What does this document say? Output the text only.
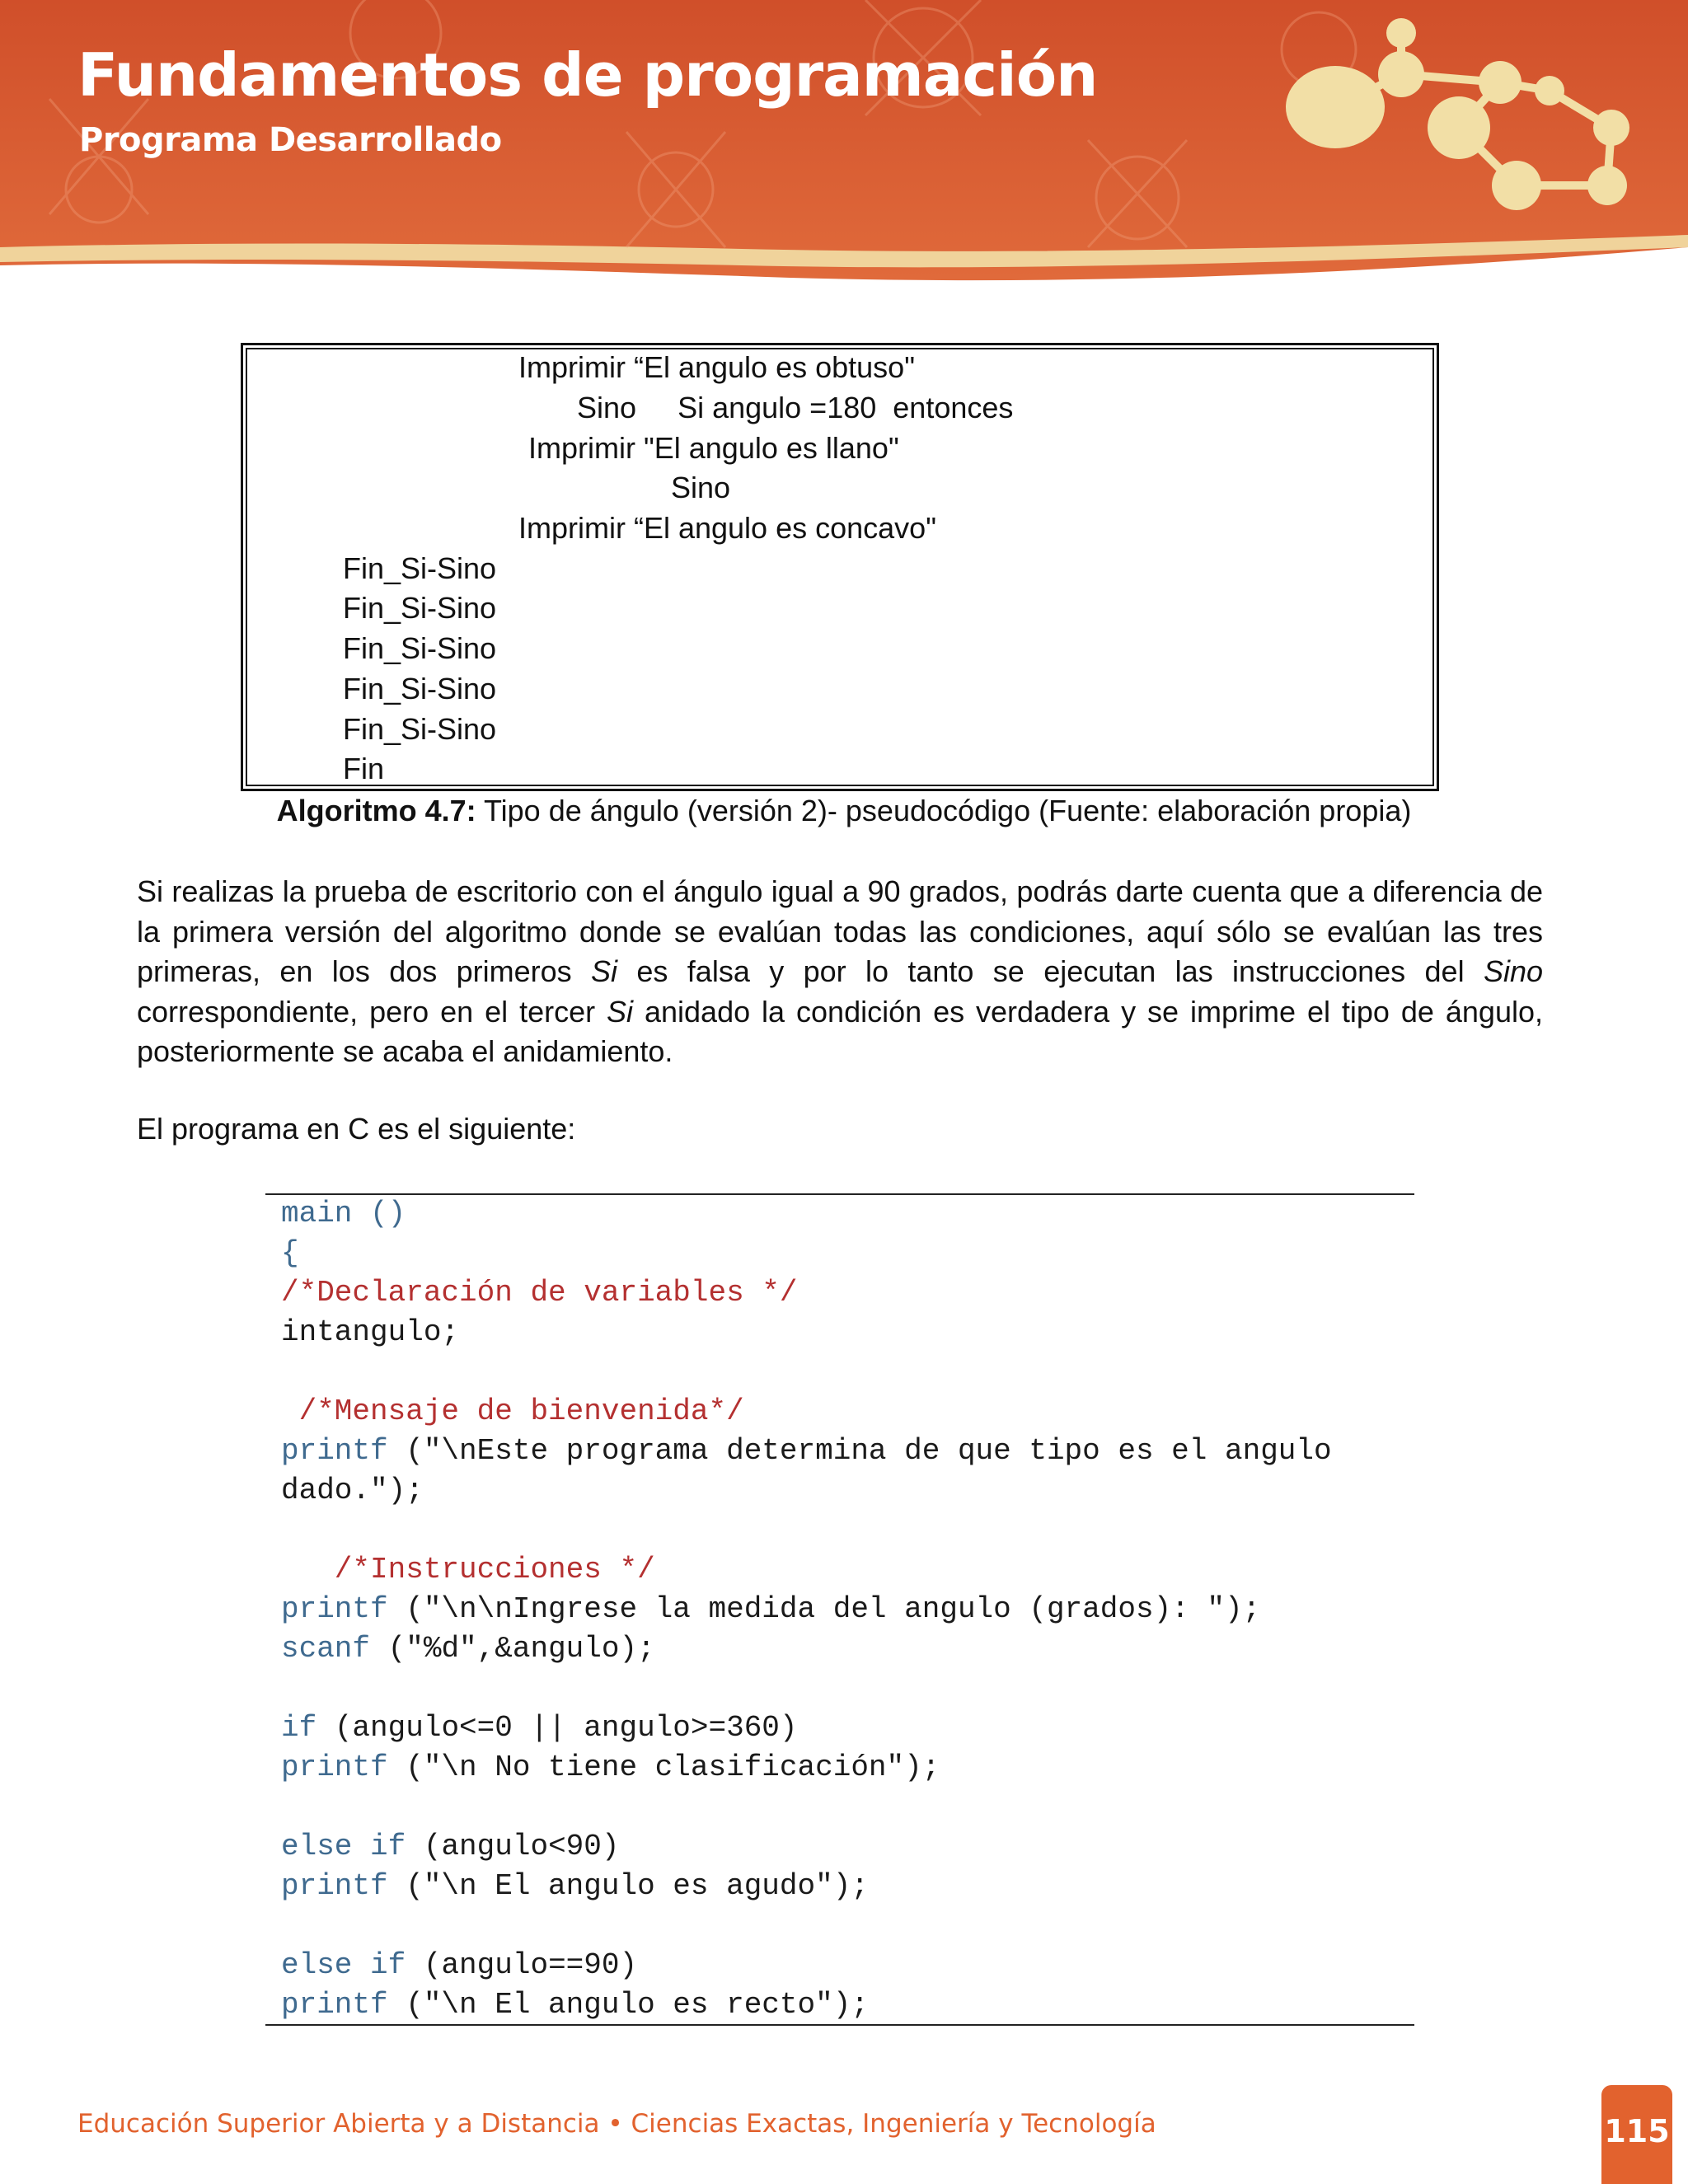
Fundamentos de programación
Programa Desarrollado
Imprimir “El angulo es obtuso"
Sino     Si angulo =180  entonces
Imprimir "El angulo es llano"
Sino
Imprimir “El angulo es concavo"
Fin_Si-Sino
Fin_Si-Sino
Fin_Si-Sino
Fin_Si-Sino
Fin_Si-Sino
Fin
Algoritmo 4.7: Tipo de ángulo (versión 2)- pseudocódigo (Fuente: elaboración propia)

Si realizas la prueba de escritorio con el ángulo igual a 90 grados, podrás darte cuenta que a diferencia de la primera versión del algoritmo donde se evalúan todas las condiciones, aquí sólo se evalúan las tres primeras, en los dos primeros Si es falsa y por lo tanto se ejecutan las instrucciones del Sino correspondiente, pero en el tercer Si anidado la condición es verdadera y se imprime el tipo de ángulo, posteriormente se acaba el anidamiento.

El programa en C es el siguiente:

main ()
{
/*Declaración de variables */
intangulo;
/*Mensaje de bienvenida*/
printf ("\nEste programa determina de que tipo es el angulo
dado.");
/*Instrucciones */
printf ("\n\nIngrese la medida del angulo (grados): ");
scanf ("%d",&angulo);
if (angulo<=0 || angulo>=360)
printf ("\n No tiene clasificación");
else if (angulo<90)
printf ("\n El angulo es agudo");
else if (angulo==90)
printf ("\n El angulo es recto");
Educación Superior Abierta y a Distancia • Ciencias Exactas, Ingeniería y Tecnología	115
